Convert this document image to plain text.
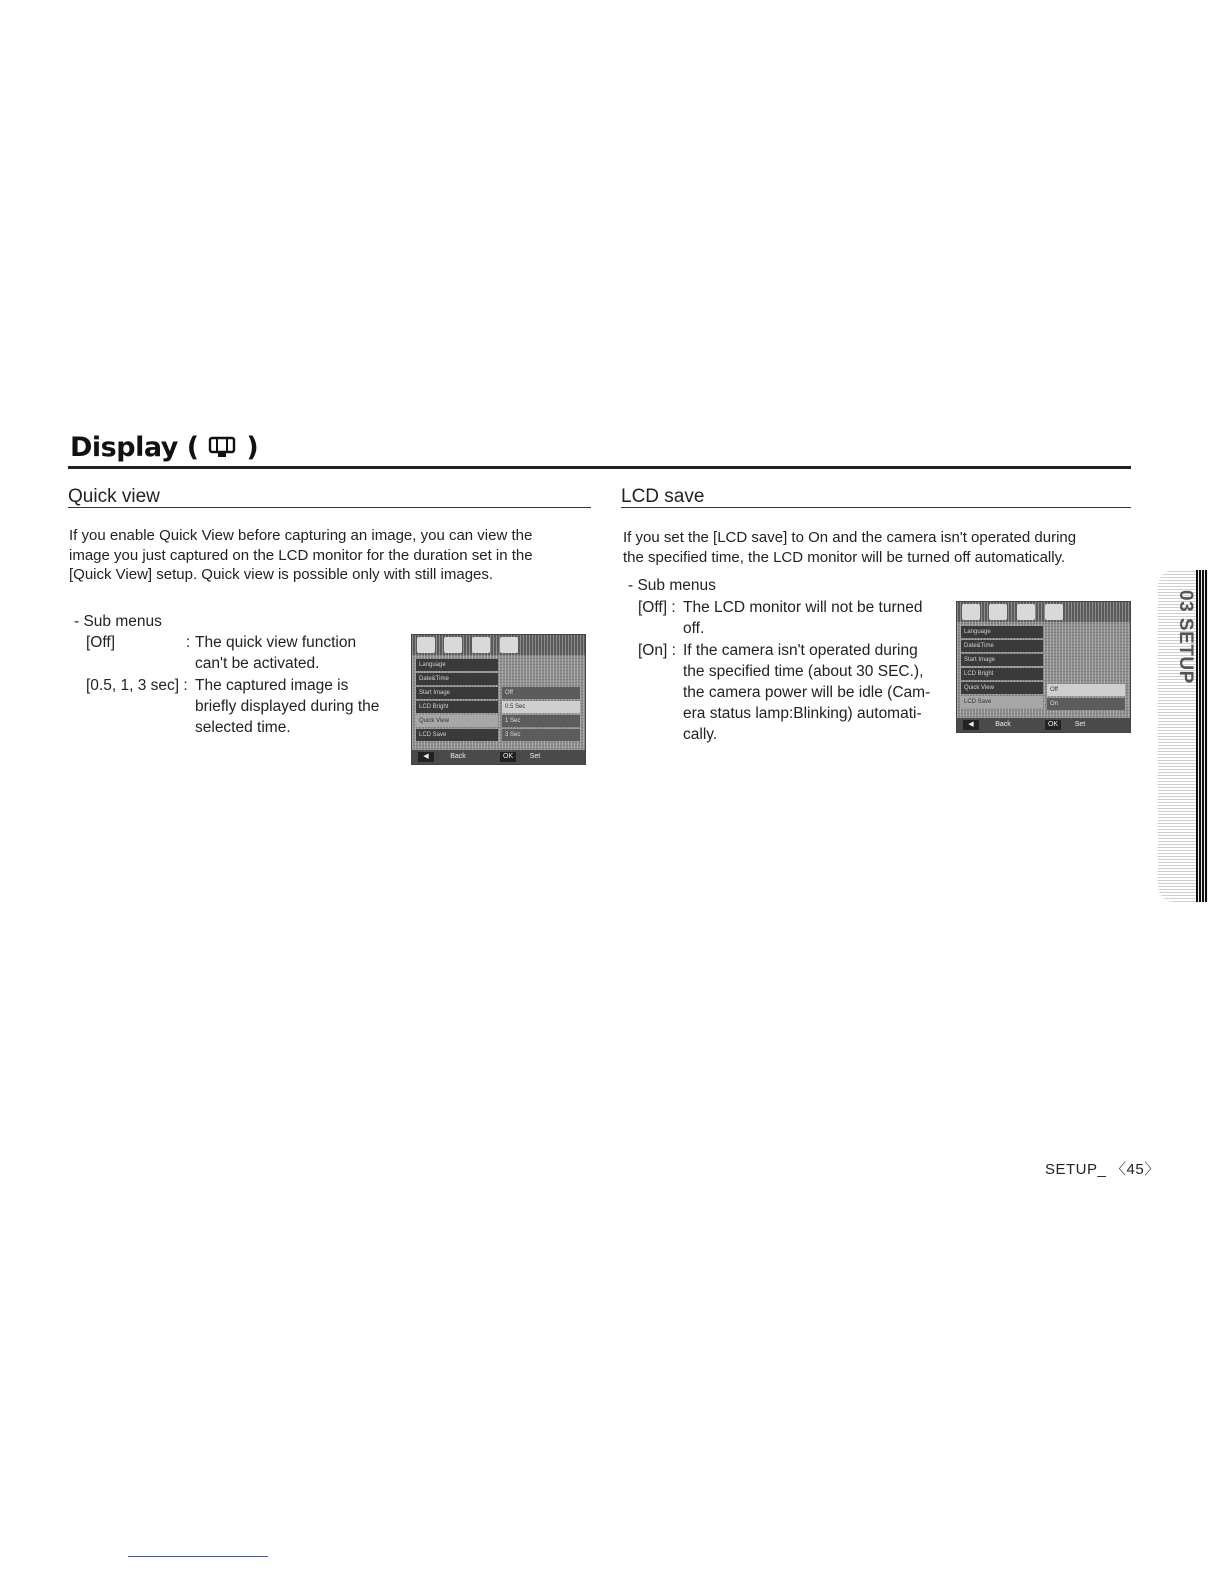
Display (  )
Quick view
If you enable Quick View before capturing an image, you can view the
image you just captured on the LCD monitor for the duration set in the
[Quick View] setup. Quick view is possible only with still images.
- Sub menus
[Off]	: The quick view function
can't be activated.
[0.5, 1, 3 sec] : The captured image is
briefly displayed during the
selected time.
Language
Date&Time
Start Image
LCD Bright
Quick View
LCD Save
Off
0.5 Sec
1 Sec
3 Sec
◀	Back	OK	Set
LCD save
If you set the [LCD save] to On and the camera isn't operated during
the specified time, the LCD monitor will be turned off automatically.
- Sub menus
[Off] : The LCD monitor will not be turned
off.
[On] : If the camera isn't operated during
the specified time (about 30 SEC.),
the camera power will be idle (Cam-
era status lamp:Blinking) automati-
cally.
Language
Date&Time
Start Image
LCD Bright
Quick View
LCD Save
Off
On
◀	Back	OK	Set
03 SETUP
SETUP_ 〈45〉
